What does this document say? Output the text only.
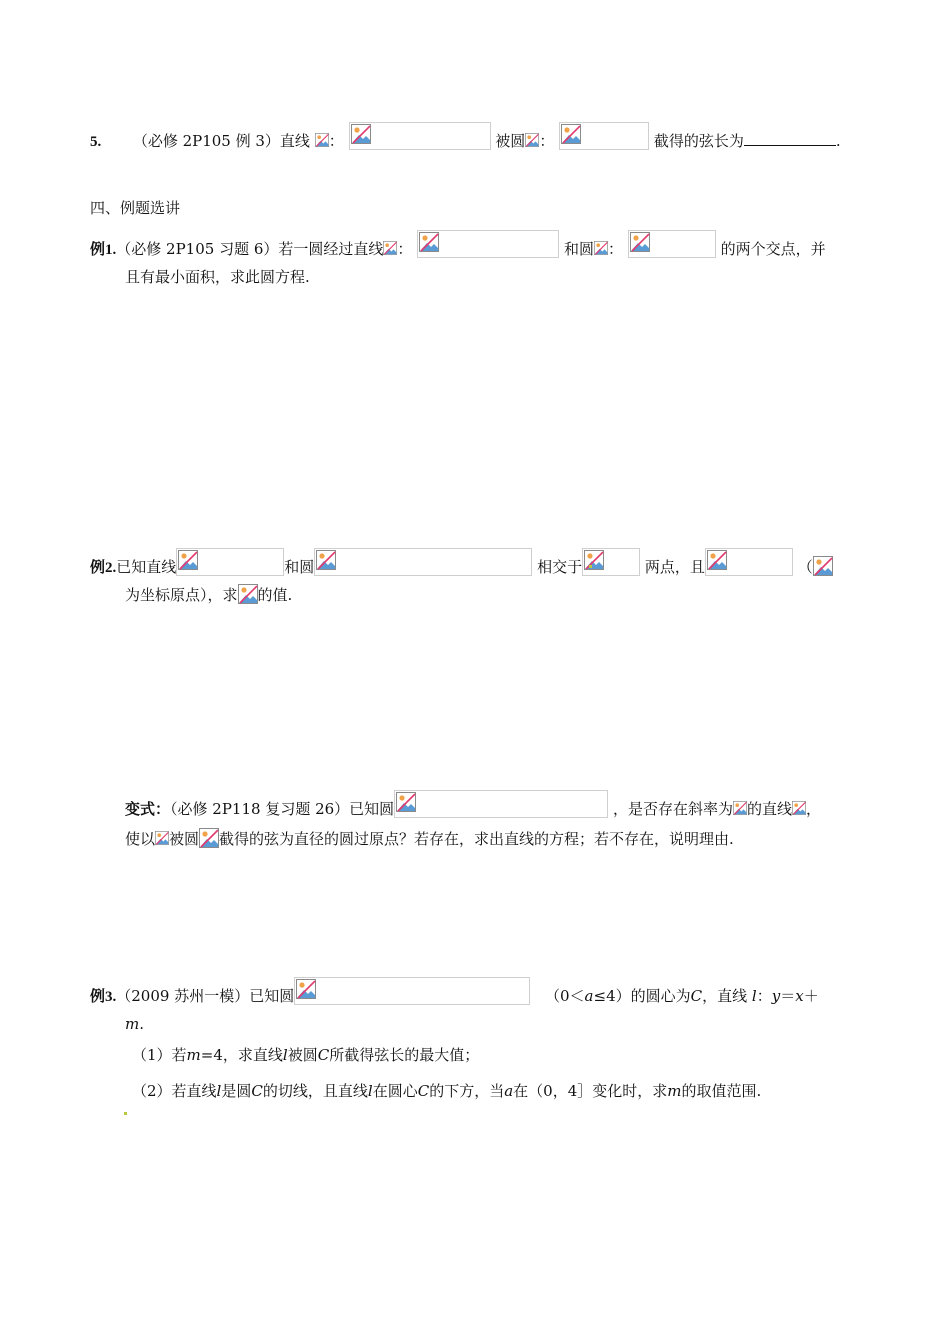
5. （必修 2P105 例 3）直线 ：	被圆 ：	截得的弦长为	.
四、例题选讲
例1.（必修 2P105 习题 6）若一圆经过直线 ：	和圆 ：	的两个交点，并
且有最小面积，求此圆方程.
例2.已知直线	和圆	相交于	两点，且	（
为坐标原点），求 的值.
变式：（必修 2P118 复习题 26）已知圆	，是否存在斜率为 的直线 ，
使以 被圆 截得的弦为直径的圆过原点？若存在，求出直线的方程；若不存在，说明理由.
例3.（2009 苏州一模）已知圆	（0＜a≤4）的圆心为C，直线 l：y＝x＋
m.
（1）若m=4，求直线l被圆C所截得弦长的最大值；
（2）若直线l是圆C的切线，且直线l在圆心C的下方，当a在（0，4］变化时，求m的取值范围.
